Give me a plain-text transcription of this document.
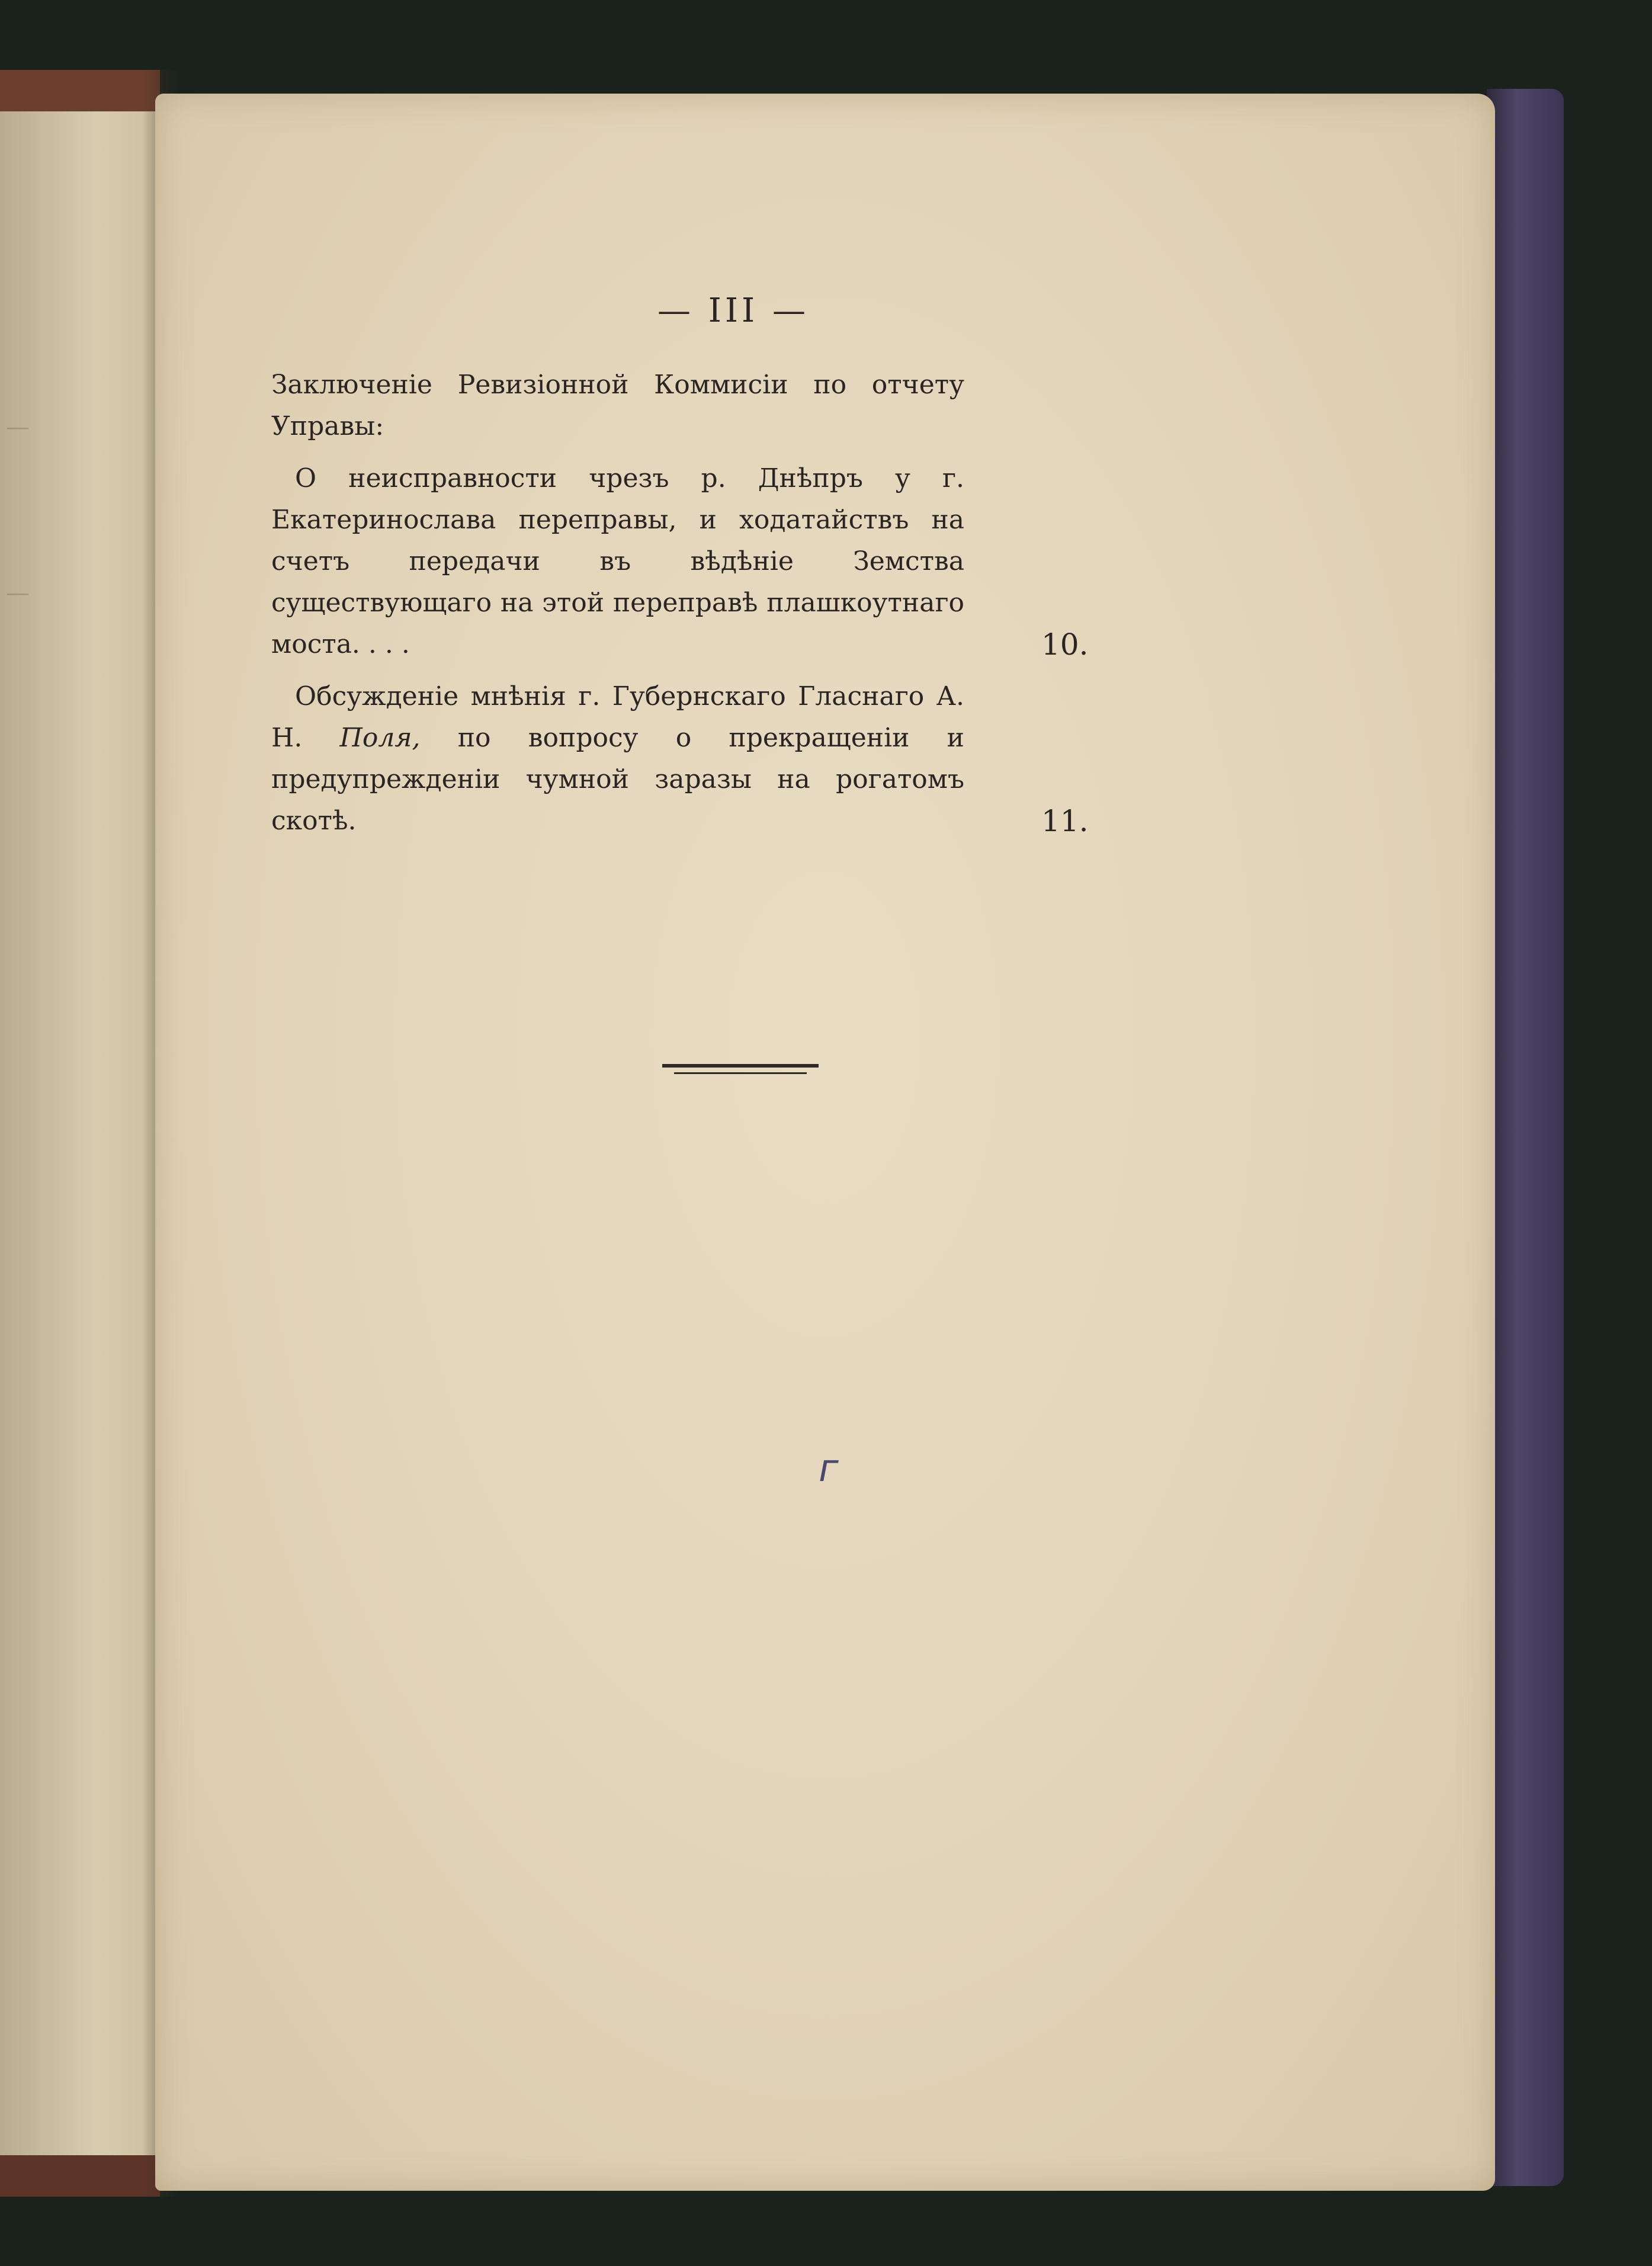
—
—
— III —
Заключеніе Ревизіонной Коммисіи по отчету Управы:
О неисправности чрезъ р. Днѣпръ у г. Екатеринослава переправы, и ходатайствъ на счетъ передачи въ вѣдѣніе Земства существующаго на этой переправѣ плашкоутнаго моста. . . .	10.
Обсужденіе мнѣнія г. Губернскаго Гласнаго А. Н. Поля, по вопросу о прекращеніи и предупрежденіи чумной заразы на рогатомъ скотѣ.	11.
г
